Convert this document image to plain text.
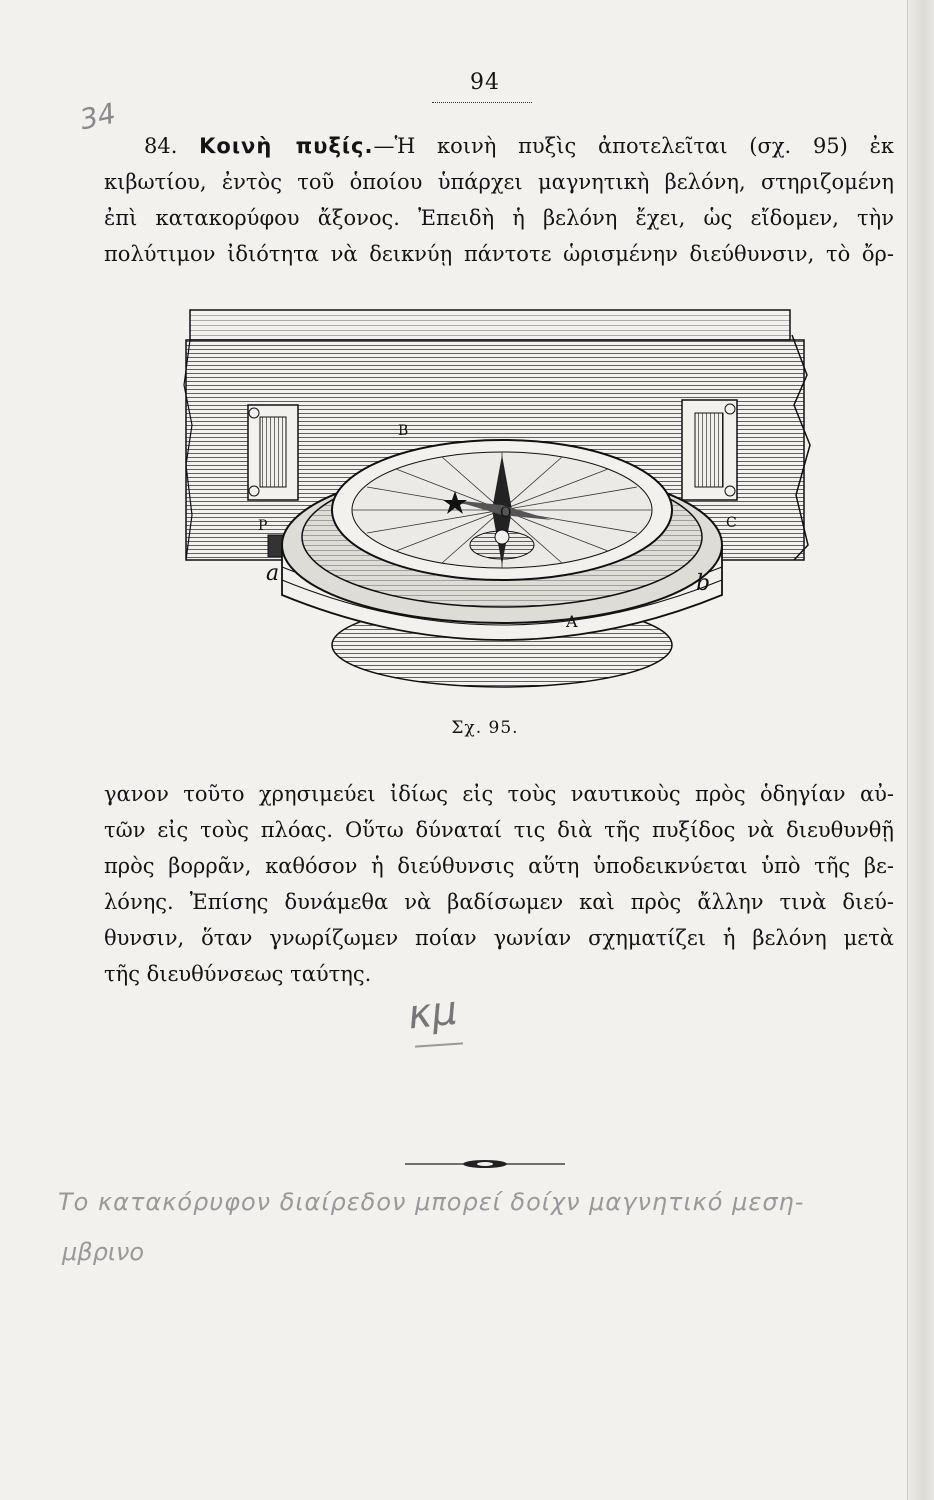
34
94
84. Κοινὴ πυξίς.—Ἡ κοινὴ πυξὶς ἀποτελεῖται (σχ. 95) ἐκ
κιβωτίου, ἐντὸς τοῦ ὁποίου ὑπάρχει μαγνητικὴ βελόνη, στηριζομένη
ἐπὶ κατακορύφου ἄξονος. Ἐπειδὴ ἡ βελόνη ἔχει, ὡς εἴδομεν, τὴν
πολύτιμον ἰδιότητα νὰ δεικνύῃ πάντοτε ὡρισμένην διεύθυνσιν, τὸ ὄρ-
B
P
a	b
C
O
A
Σχ. 95.
γανον τοῦτο χρησιμεύει ἰδίως εἰς τοὺς ναυτικοὺς πρὸς ὁδηγίαν αὐ-
τῶν εἰς τοὺς πλόας. Οὕτω δύναταί τις διὰ τῆς πυξίδος νὰ διευθυνθῇ
πρὸς βορρᾶν, καθόσον ἡ διεύθυνσις αὕτη ὑποδεικνύεται ὑπὸ τῆς βε-
λόνης. Ἐπίσης δυνάμεθα νὰ βαδίσωμεν καὶ πρὸς ἄλλην τινὰ διεύ-
θυνσιν, ὅταν γνωρίζωμεν ποίαν γωνίαν σχηματίζει ἡ βελόνη μετὰ
τῆς διευθύνσεως ταύτης.
κμ
Το κατακόρυφον διαίρεδον μπορεί δοίχν μαγνητικό μεση-
μβρινο
